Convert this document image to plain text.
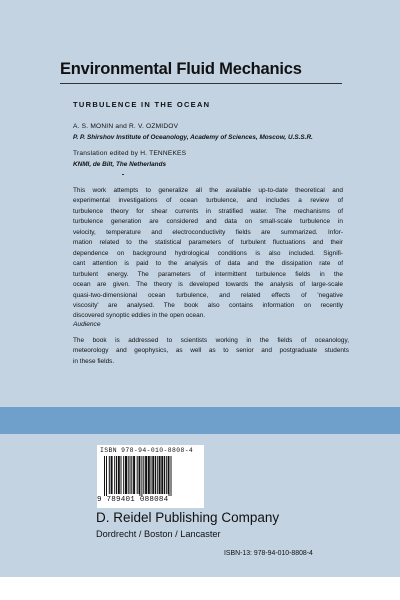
Environmental Fluid Mechanics
TURBULENCE IN THE OCEAN
A. S. MONIN and R. V. OZMIDOV
P. P. Shirshov Institute of Oceanology, Academy of Sciences, Moscow, U.S.S.R.
Translation edited by H. TENNEKES
KNMI, de Bilt, The Netherlands

This work attempts to generalize all the available up-to-date theoretical and
experimental investigations of ocean turbulence, and includes a review of
turbulence theory for shear currents in stratified water. The mechanisms of
turbulence generation are considered and data on small-scale turbulence in
velocity, temperature and electroconductivity fields are summarized. Infor-
mation related to the statistical parameters of turbulent fluctuations and their
dependence on background hydrological conditions is also included. Signifi-
cant attention is paid to the analysis of data and the dissipation rate of
turbulent energy. The parameters of intermittent turbulence fields in the
ocean are given. The theory is developed towards the analysis of large-scale
quasi-two-dimensional ocean turbulence, and related effects of 'negative
viscosity' are analysed. The book also contains information on recently
discovered synoptic eddies in the open ocean.

Audience

The book is addressed to scientists working in the fields of oceanology,
meteorology and geophysics, as well as to senior and postgraduate students
in these fields.

ISBN 978-94-010-8808-4
9 789401 088084
D. Reidel Publishing Company
Dordrecht / Boston / Lancaster
ISBN-13: 978-94-010-8808-4
